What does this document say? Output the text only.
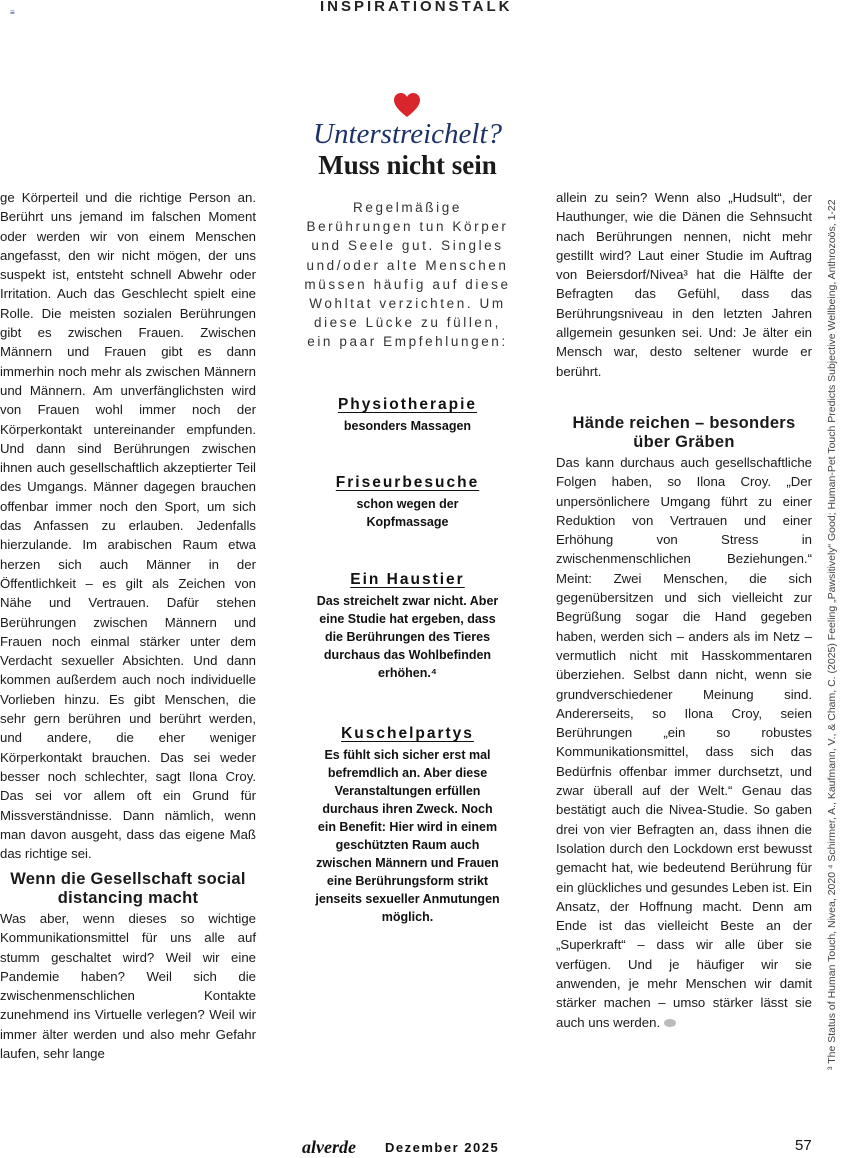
≡	INSPIRATIONSTALK
Unterstreichelt?
Muss nicht sein
ge Körperteil und die richtige Person an. Berührt uns jemand im falschen Moment oder werden wir von einem Menschen angefasst, den wir nicht mögen, der uns suspekt ist, entsteht schnell Abwehr oder Irritation. Auch das Geschlecht spielt eine Rolle. Die meisten sozialen Berührungen gibt es zwischen Frauen. Zwischen Männern und Frauen gibt es dann immerhin noch mehr als zwischen Männern und Männern. Am unverfänglichsten wird von Frauen wohl immer noch der Körperkontakt untereinander empfunden. Und dann sind Berührungen zwischen ihnen auch gesellschaftlich akzeptierter Teil des Umgangs. Männer dagegen brauchen offenbar immer noch den Sport, um sich das Anfassen zu erlauben. Jedenfalls hierzulande. Im arabischen Raum etwa herzen sich auch Männer in der Öffentlichkeit – es gilt als Zeichen von Nähe und Vertrauen. Dafür stehen Berührungen zwischen Männern und Frauen noch einmal stärker unter dem Verdacht sexueller Absichten. Und dann kommen außerdem auch noch individuelle Vorlieben hinzu. Es gibt Menschen, die sehr gern berühren und berührt werden, und andere, die eher weniger Körperkontakt brauchen. Das sei weder besser noch schlechter, sagt Ilona Croy. Das sei vor allem oft ein Grund für Missverständnisse. Dann nämlich, wenn man davon ausgeht, dass das eigene Maß das richtige sei.
Wenn die Gesellschaft social distancing macht
Was aber, wenn dieses so wichtige Kommunikationsmittel für uns alle auf stumm geschaltet wird? Weil wir eine Pandemie haben? Weil sich die zwischenmenschlichen Kontakte zunehmend ins Virtuelle verlegen? Weil wir immer älter werden und also mehr Gefahr laufen, sehr lange
Regelmäßige Berührungen tun Körper und Seele gut. Singles und/oder alte Menschen müssen häufig auf diese Wohltat verzichten. Um diese Lücke zu füllen, ein paar Empfehlungen:
Physiotherapie
besonders Massagen
Friseurbesuche
schon wegen der Kopfmassage
Ein Haustier
Das streichelt zwar nicht. Aber eine Studie hat ergeben, dass die Berührungen des Tieres durchaus das Wohlbefinden erhöhen.⁴
Kuschelpartys
Es fühlt sich sicher erst mal befremdlich an. Aber diese Veranstaltungen erfüllen durchaus ihren Zweck. Noch ein Benefit: Hier wird in einem geschützten Raum auch zwischen Männern und Frauen eine Berührungsform strikt jenseits sexueller Anmutungen möglich.
allein zu sein? Wenn also „Hudsult“, der Hauthunger, wie die Dänen die Sehnsucht nach Berührungen nennen, nicht mehr gestillt wird? Laut einer Studie im Auftrag von Beiersdorf/Nivea³ hat die Hälfte der Befragten das Gefühl, dass das Berührungsniveau in den letzten Jahren allgemein gesunken sei. Und: Je älter ein Mensch war, desto seltener wurde er berührt.
Hände reichen – besonders über Gräben
Das kann durchaus auch gesellschaftliche Folgen haben, so Ilona Croy. „Der unpersönlichere Umgang führt zu einer Reduktion von Vertrauen und einer Erhöhung von Stress in zwischenmenschlichen Beziehungen.“ Meint: Zwei Menschen, die sich gegenübersitzen und sich vielleicht zur Begrüßung sogar die Hand gegeben haben, werden sich – anders als im Netz – vermutlich nicht mit Hasskommentaren überziehen. Selbst dann nicht, wenn sie grundverschiedener Meinung sind. Andererseits, so Ilona Croy, seien Berührungen „ein so robustes Kommunikationsmittel, dass sich das Bedürfnis offenbar immer durchsetzt, und zwar überall auf der Welt.“ Genau das bestätigt auch die Nivea-Studie. So gaben drei von vier Befragten an, dass ihnen die Isolation durch den Lockdown erst bewusst gemacht hat, wie bedeutend Berührung für ein glückliches und gesundes Leben ist. Ein Ansatz, der Hoffnung macht. Denn am Ende ist das vielleicht Beste an der „Superkraft“ – dass wir alle über sie verfügen. Und je häufiger wir sie anwenden, je mehr Menschen wir damit stärker machen – umso stärker lässt sie auch uns werden.	³ The Status of Human Touch, Nivea, 2020 ⁴ Schirmer, A., Kaufmann, V., & Cham, C. (2025) Feeling „Pawsitively“ Good; Human-Pet Touch Predicts Subjective Wellbeing, Anthrozoös, 1-22
alverde Dezember 2025	57
